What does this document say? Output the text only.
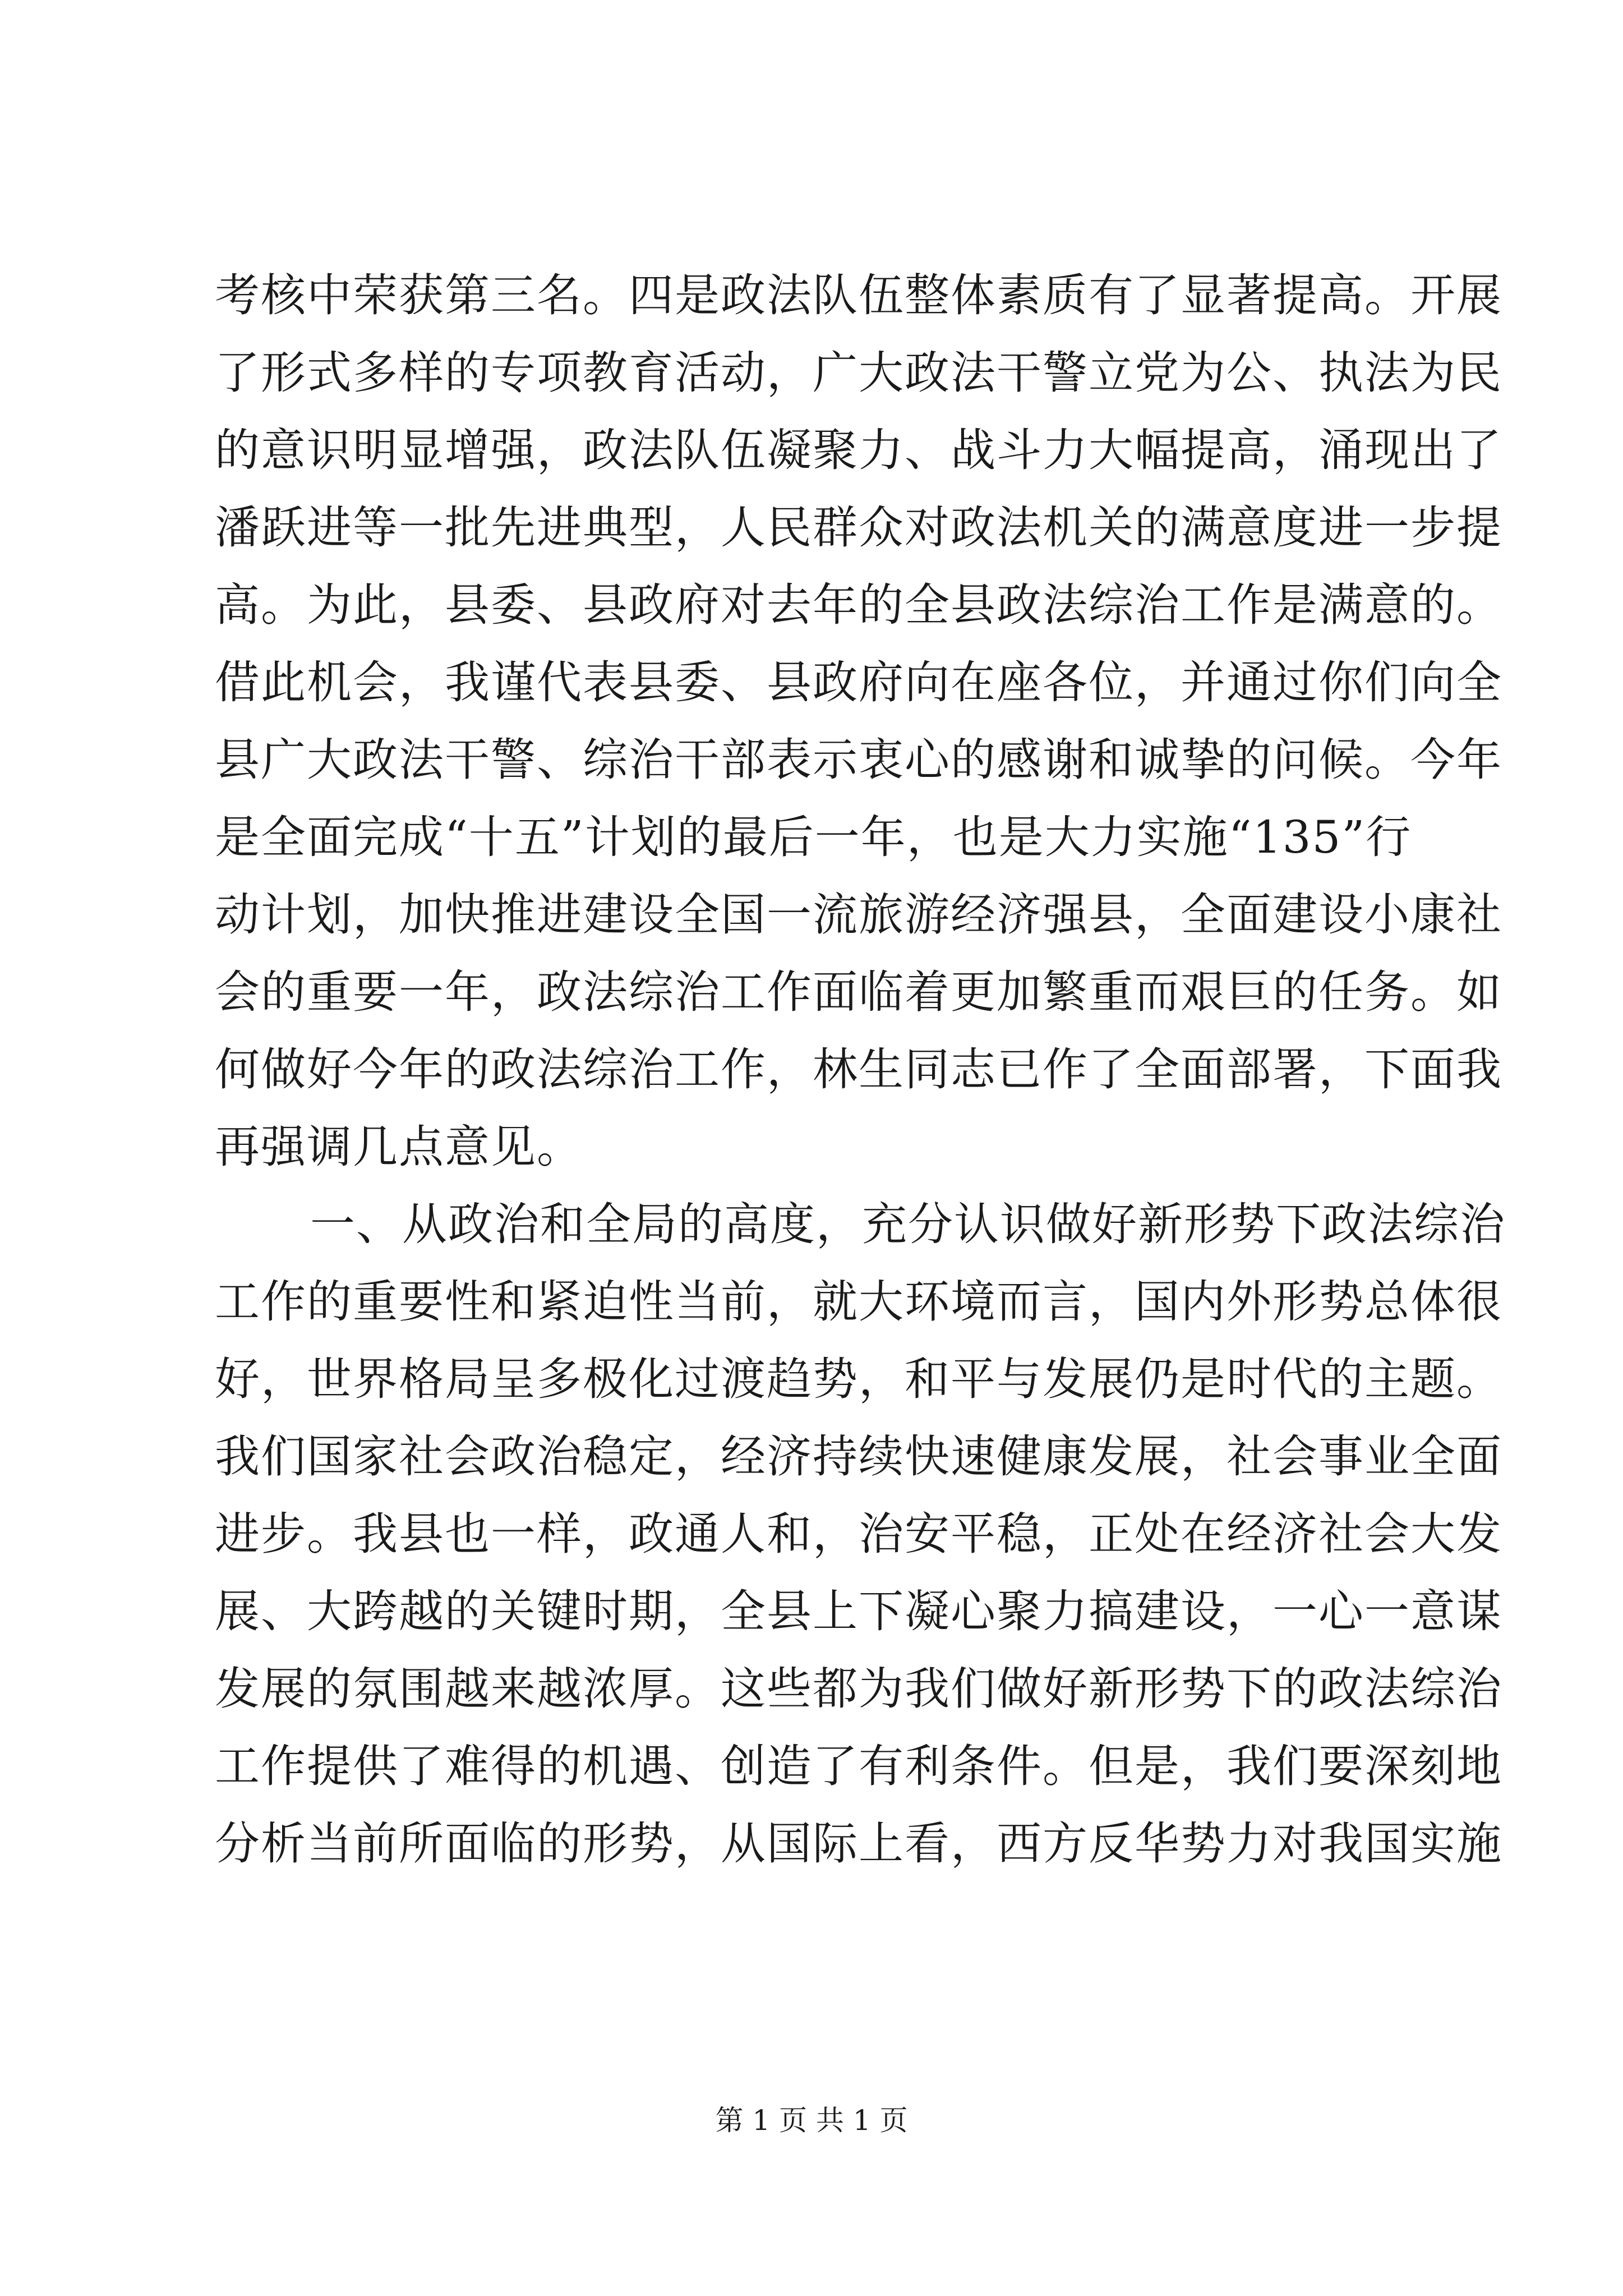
考核中荣获第三名。四是政法队伍整体素质有了显著提高。开展
了形式多样的专项教育活动，广大政法干警立党为公、执法为民
的意识明显增强，政法队伍凝聚力、战斗力大幅提高，涌现出了
潘跃进等一批先进典型，人民群众对政法机关的满意度进一步提
高。为此，县委、县政府对去年的全县政法综治工作是满意的。
借此机会，我谨代表县委、县政府向在座各位，并通过你们向全
县广大政法干警、综治干部表示衷心的感谢和诚挚的问候。今年
是全面完成“十五”计划的最后一年，也是大力实施“135”行
动计划，加快推进建设全国一流旅游经济强县，全面建设小康社
会的重要一年，政法综治工作面临着更加繁重而艰巨的任务。如
何做好今年的政法综治工作，林生同志已作了全面部署，下面我
再强调几点意见。
一、从政治和全局的高度，充分认识做好新形势下政法综治
工作的重要性和紧迫性当前，就大环境而言，国内外形势总体很
好，世界格局呈多极化过渡趋势，和平与发展仍是时代的主题。
我们国家社会政治稳定，经济持续快速健康发展，社会事业全面
进步。我县也一样，政通人和，治安平稳，正处在经济社会大发
展、大跨越的关键时期，全县上下凝心聚力搞建设，一心一意谋
发展的氛围越来越浓厚。这些都为我们做好新形势下的政法综治
工作提供了难得的机遇、创造了有利条件。但是，我们要深刻地
分析当前所面临的形势，从国际上看，西方反华势力对我国实施
第 1 页 共 1 页
